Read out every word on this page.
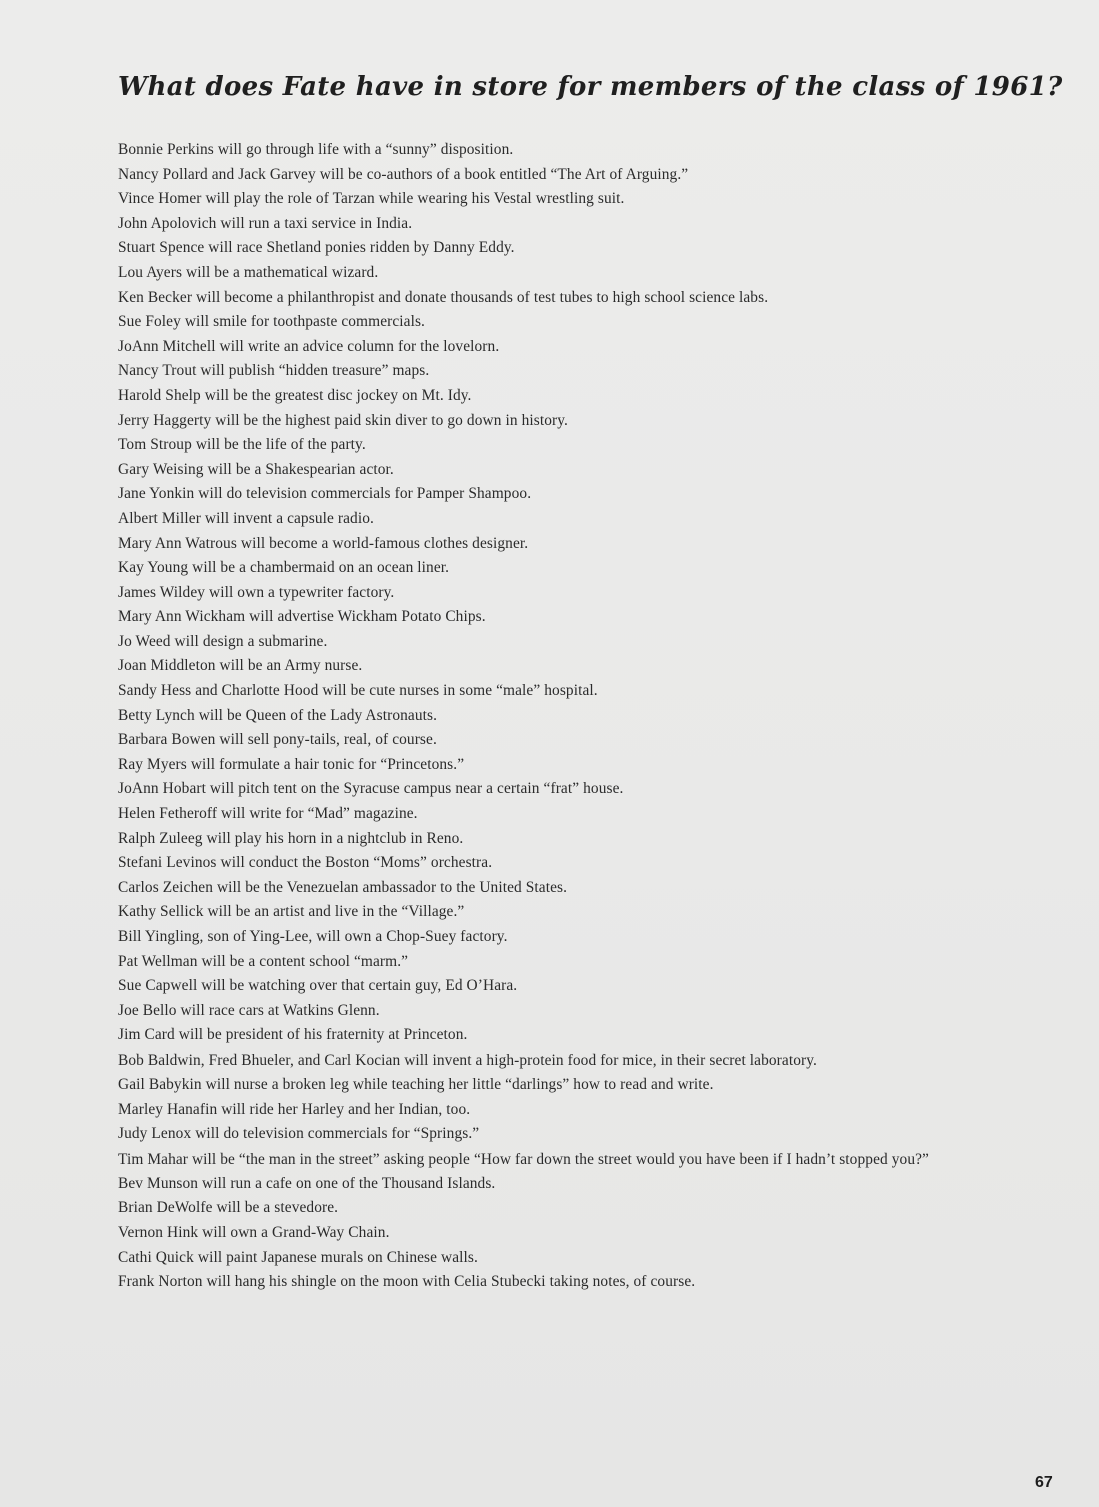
What does Fate have in store for members of the class of 1961?
Bonnie Perkins will go through life with a “sunny” disposition.
Nancy Pollard and Jack Garvey will be co-authors of a book entitled “The Art of Arguing.”
Vince Homer will play the role of Tarzan while wearing his Vestal wrestling suit.
John Apolovich will run a taxi service in India.
Stuart Spence will race Shetland ponies ridden by Danny Eddy.
Lou Ayers will be a mathematical wizard.
Ken Becker will become a philanthropist and donate thousands of test tubes to high school science labs.
Sue Foley will smile for toothpaste commercials.
JoAnn Mitchell will write an advice column for the lovelorn.
Nancy Trout will publish “hidden treasure” maps.
Harold Shelp will be the greatest disc jockey on Mt. Idy.
Jerry Haggerty will be the highest paid skin diver to go down in history.
Tom Stroup will be the life of the party.
Gary Weising will be a Shakespearian actor.
Jane Yonkin will do television commercials for Pamper Shampoo.
Albert Miller will invent a capsule radio.
Mary Ann Watrous will become a world-famous clothes designer.
Kay Young will be a chambermaid on an ocean liner.
James Wildey will own a typewriter factory.
Mary Ann Wickham will advertise Wickham Potato Chips.
Jo Weed will design a submarine.
Joan Middleton will be an Army nurse.
Sandy Hess and Charlotte Hood will be cute nurses in some “male” hospital.
Betty Lynch will be Queen of the Lady Astronauts.
Barbara Bowen will sell pony-tails, real, of course.
Ray Myers will formulate a hair tonic for “Princetons.”
JoAnn Hobart will pitch tent on the Syracuse campus near a certain “frat” house.
Helen Fetheroff will write for “Mad” magazine.
Ralph Zuleeg will play his horn in a nightclub in Reno.
Stefani Levinos will conduct the Boston “Moms” orchestra.
Carlos Zeichen will be the Venezuelan ambassador to the United States.
Kathy Sellick will be an artist and live in the “Village.”
Bill Yingling, son of Ying-Lee, will own a Chop-Suey factory.
Pat Wellman will be a content school “marm.”
Sue Capwell will be watching over that certain guy, Ed O’Hara.
Joe Bello will race cars at Watkins Glenn.
Jim Card will be president of his fraternity at Princeton.
Bob Baldwin, Fred Bhueler, and Carl Kocian will invent a high-protein food for mice, in their secret laboratory.
Gail Babykin will nurse a broken leg while teaching her little “darlings” how to read and write.
Marley Hanafin will ride her Harley and her Indian, too.
Judy Lenox will do television commercials for “Springs.”
Tim Mahar will be “the man in the street” asking people “How far down the street would you have been if I hadn’t stopped you?”
Bev Munson will run a cafe on one of the Thousand Islands.
Brian DeWolfe will be a stevedore.
Vernon Hink will own a Grand-Way Chain.
Cathi Quick will paint Japanese murals on Chinese walls.
Frank Norton will hang his shingle on the moon with Celia Stubecki taking notes, of course.
67
